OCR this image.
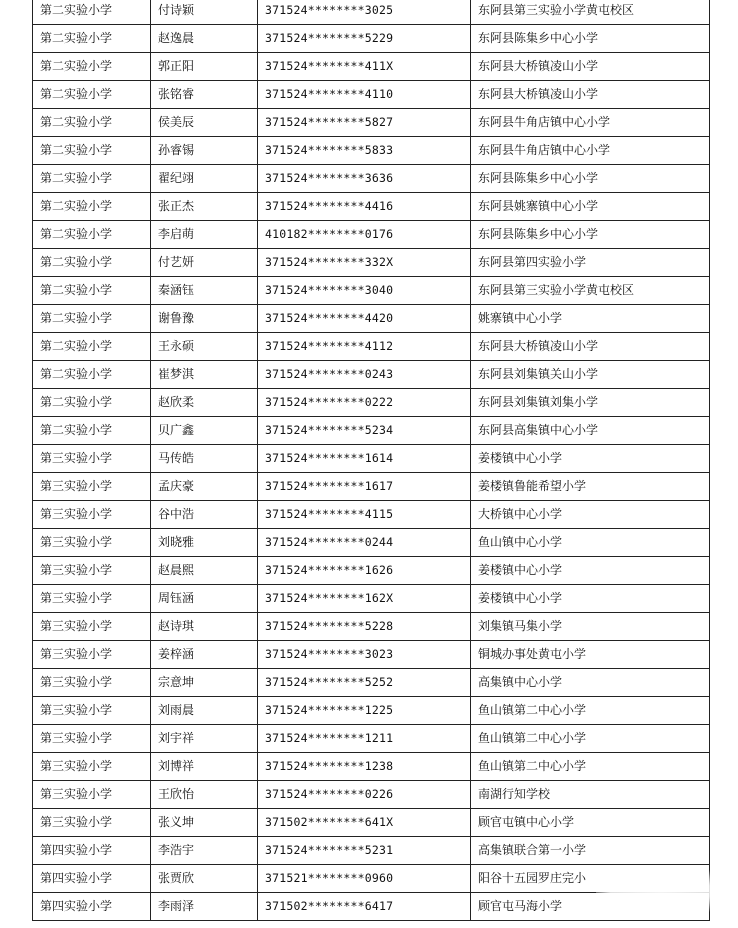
第二实验小学	付诗颖	371524********3025	东阿县第三实验小学黄屯校区
第二实验小学	赵逸晨	371524********5229	东阿县陈集乡中心小学
第二实验小学	郭正阳	371524********411X	东阿县大桥镇凌山小学
第二实验小学	张铭睿	371524********4110	东阿县大桥镇凌山小学
第二实验小学	侯美辰	371524********5827	东阿县牛角店镇中心小学
第二实验小学	孙睿锡	371524********5833	东阿县牛角店镇中心小学
第二实验小学	翟纪翊	371524********3636	东阿县陈集乡中心小学
第二实验小学	张正杰	371524********4416	东阿县姚寨镇中心小学
第二实验小学	李启萌	410182********0176	东阿县陈集乡中心小学
第二实验小学	付艺妍	371524********332X	东阿县第四实验小学
第二实验小学	秦涵钰	371524********3040	东阿县第三实验小学黄屯校区
第二实验小学	谢鲁豫	371524********4420	姚寨镇中心小学
第二实验小学	王永硕	371524********4112	东阿县大桥镇凌山小学
第二实验小学	崔梦淇	371524********0243	东阿县刘集镇关山小学
第二实验小学	赵欣柔	371524********0222	东阿县刘集镇刘集小学
第二实验小学	贝广鑫	371524********5234	东阿县高集镇中心小学
第三实验小学	马传皓	371524********1614	姜楼镇中心小学
第三实验小学	孟庆豪	371524********1617	姜楼镇鲁能希望小学
第三实验小学	谷中浩	371524********4115	大桥镇中心小学
第三实验小学	刘晓雅	371524********0244	鱼山镇中心小学
第三实验小学	赵晨熙	371524********1626	姜楼镇中心小学
第三实验小学	周钰涵	371524********162X	姜楼镇中心小学
第三实验小学	赵诗琪	371524********5228	刘集镇马集小学
第三实验小学	姜梓涵	371524********3023	铜城办事处黄屯小学
第三实验小学	宗意坤	371524********5252	高集镇中心小学
第三实验小学	刘雨晨	371524********1225	鱼山镇第二中心小学
第三实验小学	刘宇祥	371524********1211	鱼山镇第二中心小学
第三实验小学	刘博祥	371524********1238	鱼山镇第二中心小学
第三实验小学	王欣怡	371524********0226	南湖行知学校
第三实验小学	张义坤	371502********641X	顾官屯镇中心小学
第四实验小学	李浩宇	371524********5231	高集镇联合第一小学
第四实验小学	张贾欣	371521********0960	阳谷十五园罗庄完小
第四实验小学	李雨泽	371502********6417	顾官屯马海小学
